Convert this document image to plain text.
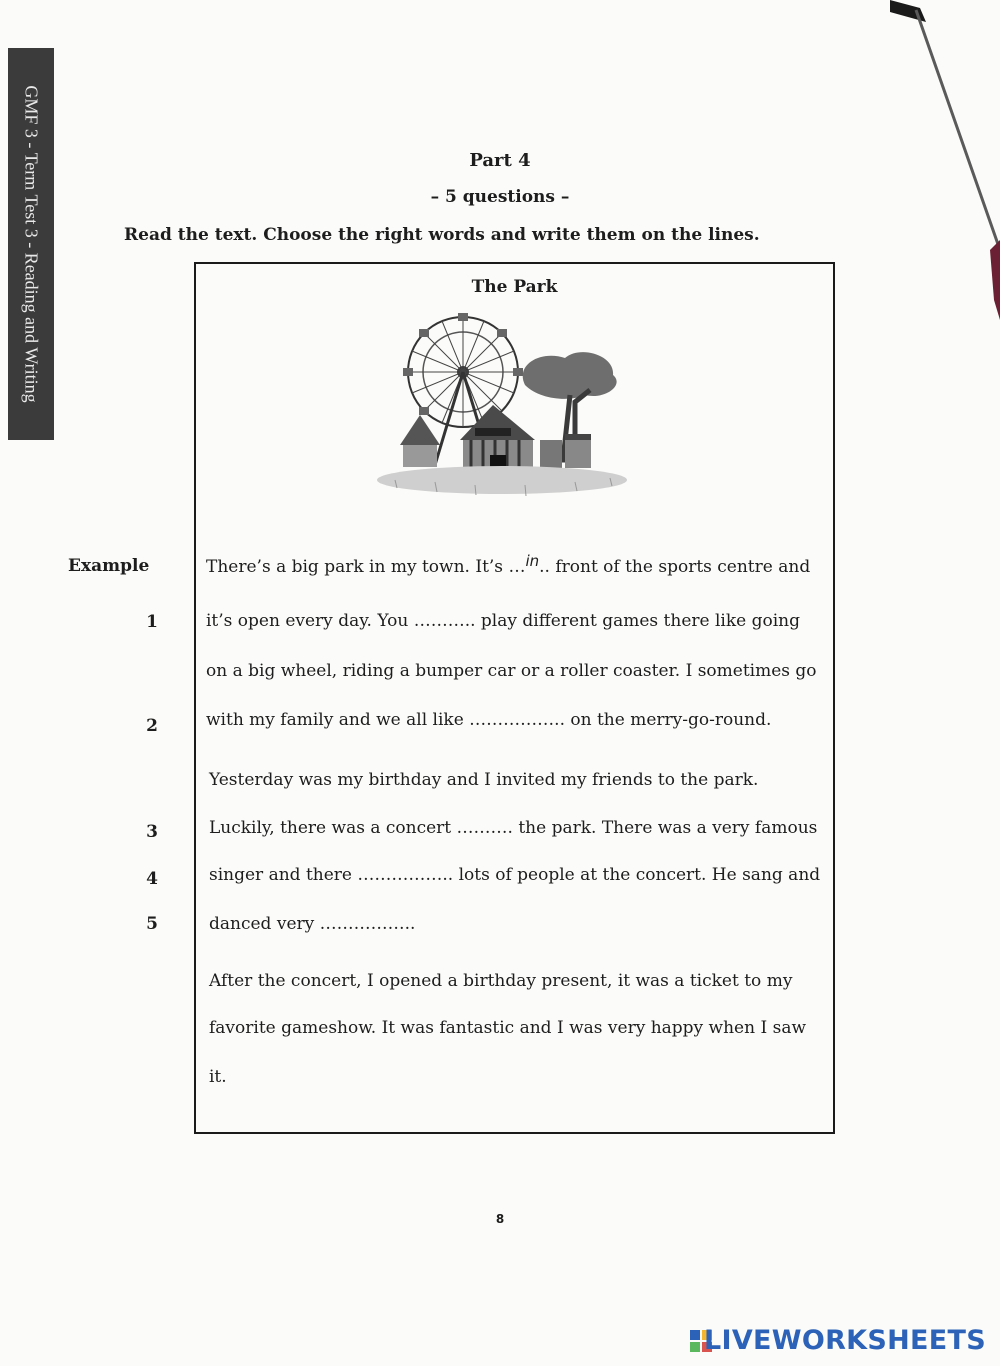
GMF 3 - Term Test 3 - Reading and Writing	Part 4
– 5 questions –
Read the text. Choose the right words and write them on the lines.
The Park
Example
1
2
3
4
5
There’s a big park in my town. It’s …in.. front of the sports centre and
it’s open every day. You ……….. play different games there like going
on a big wheel, riding a bumper car or a roller coaster. I sometimes go
with my family and we all like …………….. on the merry-go-round.
Yesterday was my birthday and I invited my friends to the park.
Luckily, there was a concert ………. the park. There was a very famous
singer and there …………….. lots of people at the concert. He sang and
danced very ……………..
After the concert, I opened a birthday present, it was a ticket to my
favorite gameshow. It was fantastic and I was very happy when I saw
it.
8
LIVEWORKSHEETS
